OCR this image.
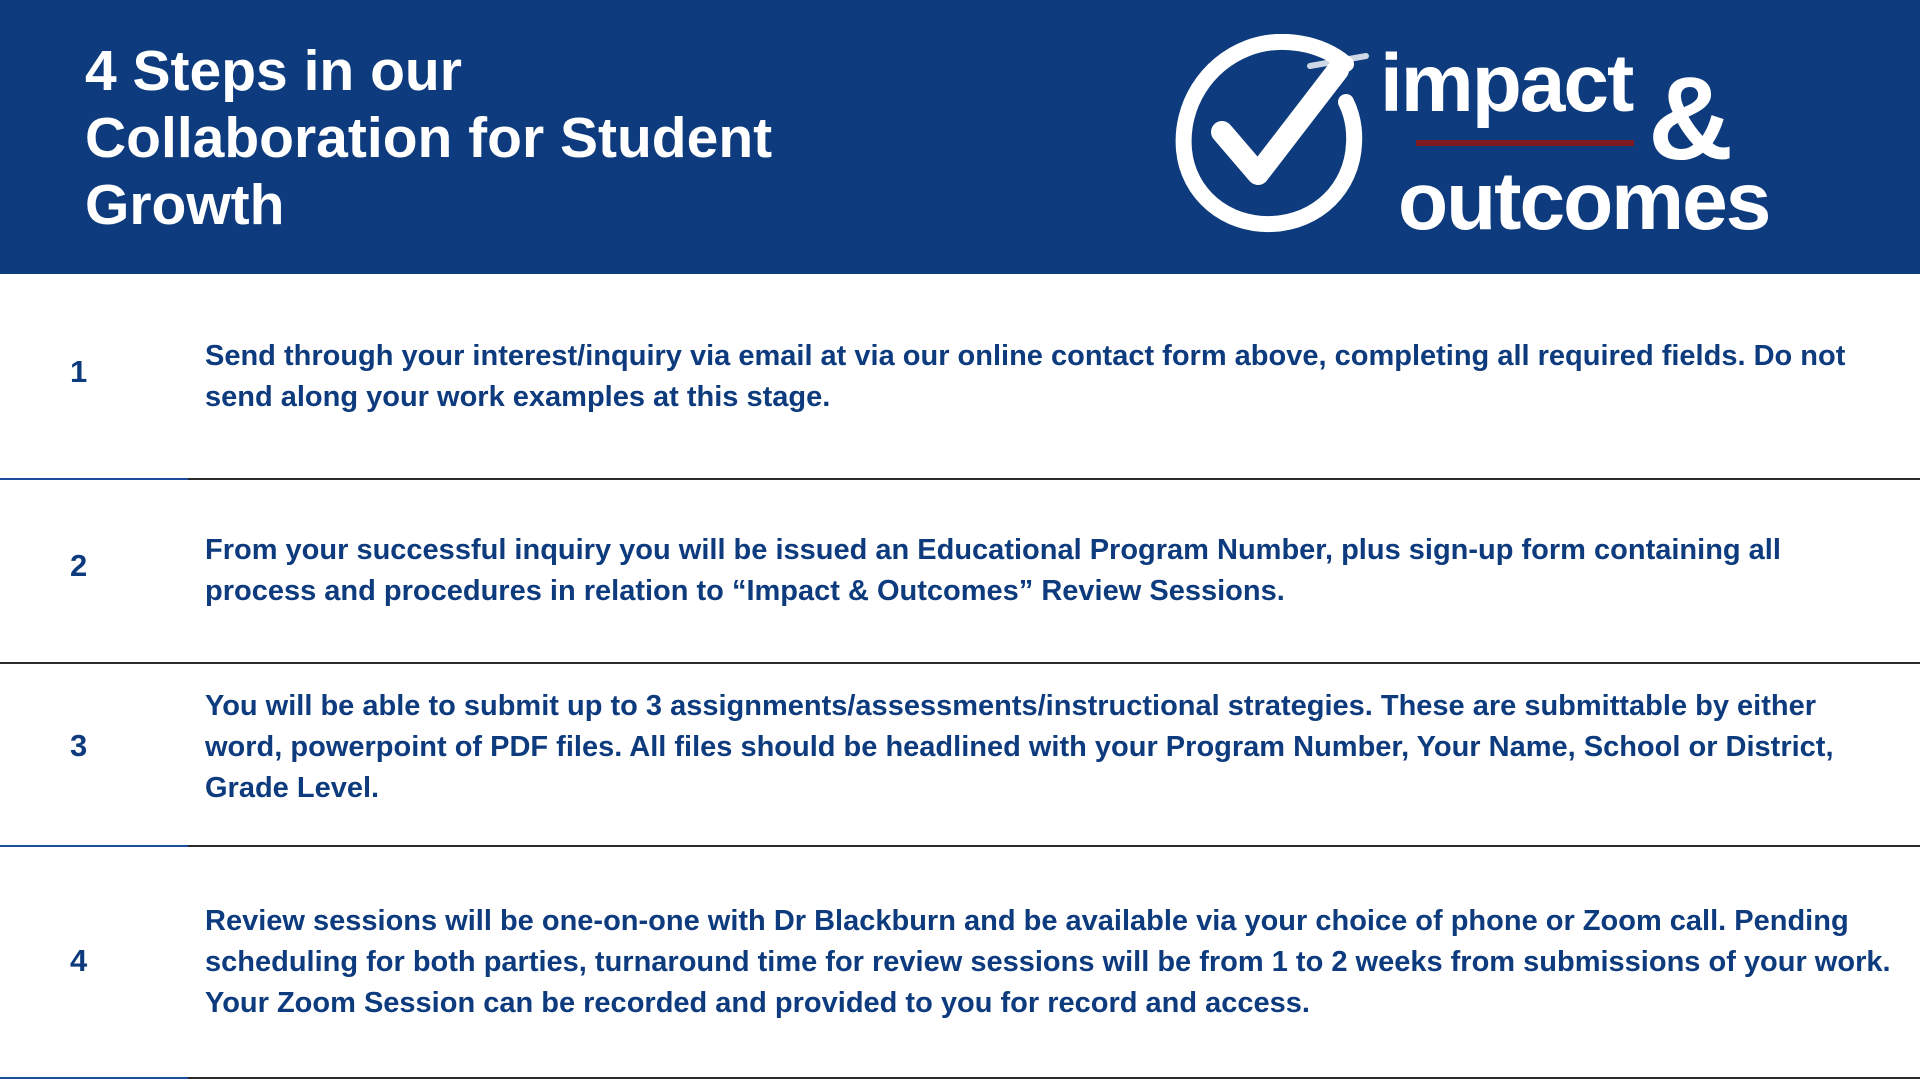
4 Steps in our
Collaboration for Student
Growth
impact &
outcomes
1	Send through your interest/inquiry via email at via our online contact form above, completing all required fields. Do not send along your work examples at this stage.
2	From your successful inquiry you will be issued an Educational Program Number, plus sign-up form containing all process and procedures in relation to “Impact & Outcomes” Review Sessions.
3
You will be able to submit up to 3 assignments/assessments/instructional strategies. These are submittable by either word, powerpoint of PDF files. All files should be headlined with your Program Number, Your Name, School or District, Grade Level.
4
Review sessions will be one-on-one with Dr Blackburn and be available via your choice of phone or Zoom call. Pending scheduling for both parties, turnaround time for review sessions will be from 1 to 2 weeks from submissions of your work. Your Zoom Session can be recorded and provided to you for record and access.
